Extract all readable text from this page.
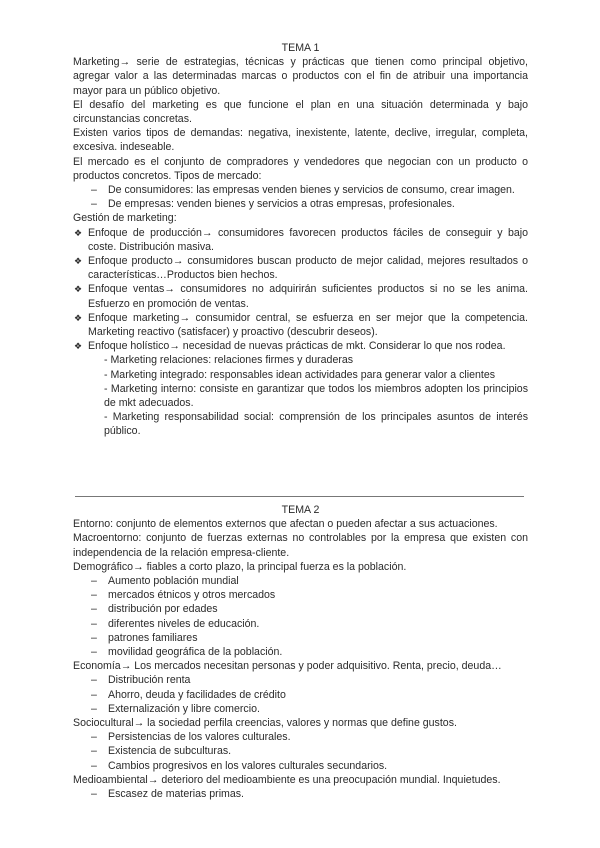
TEMA 1

Marketing→ serie de estrategias, técnicas y prácticas que tienen como principal objetivo, agregar valor a las determinadas marcas o productos con el fin de atribuir una importancia mayor para un público objetivo.

El desafío del marketing es que funcione el plan en una situación determinada y bajo circunstancias concretas.

Existen varios tipos de demandas: negativa, inexistente, latente, declive, irregular, completa, excesiva. indeseable.

El mercado es el conjunto de compradores y vendedores que negocian con un producto o productos concretos. Tipos de mercado:

– De consumidores: las empresas venden bienes y servicios de consumo, crear imagen.
– De empresas: venden bienes y servicios a otras empresas, profesionales.

Gestión de marketing:

❖ Enfoque de producción→ consumidores favorecen productos fáciles de conseguir y bajo coste. Distribución masiva.
❖ Enfoque producto→ consumidores buscan producto de mejor calidad, mejores resultados o características…Productos bien hechos.
❖ Enfoque ventas→ consumidores no adquirirán suficientes productos si no se les anima. Esfuerzo en promoción de ventas.
❖ Enfoque marketing→ consumidor central, se esfuerza en ser mejor que la competencia. Marketing reactivo (satisfacer) y proactivo (descubrir deseos).
❖ Enfoque holístico→ necesidad de nuevas prácticas de mkt. Considerar lo que nos rodea.
- Marketing relaciones: relaciones firmes y duraderas
- Marketing integrado: responsables idean actividades para generar valor a clientes
- Marketing interno: consiste en garantizar que todos los miembros adopten los principios de mkt adecuados.
- Marketing responsabilidad social: comprensión de los principales asuntos de interés público.
TEMA 2

Entorno: conjunto de elementos externos que afectan o pueden afectar a sus actuaciones.

Macroentorno: conjunto de fuerzas externas no controlables por la empresa que existen con independencia de la relación empresa-cliente.

Demográfico→ fiables a corto plazo, la principal fuerza es la población.

– Aumento población mundial
– mercados étnicos y otros mercados
– distribución por edades
– diferentes niveles de educación.
– patrones familiares
– movilidad geográfica de la población.

Economía→ Los mercados necesitan personas y poder adquisitivo. Renta, precio, deuda…

– Distribución renta
– Ahorro, deuda y facilidades de crédito
– Externalización y libre comercio.

Sociocultural→ la sociedad perfila creencias, valores y normas que define gustos.

– Persistencias de los valores culturales.
– Existencia de subculturas.
– Cambios progresivos en los valores culturales secundarios.

Medioambiental→ deterioro del medioambiente es una preocupación mundial. Inquietudes.

– Escasez de materias primas.
